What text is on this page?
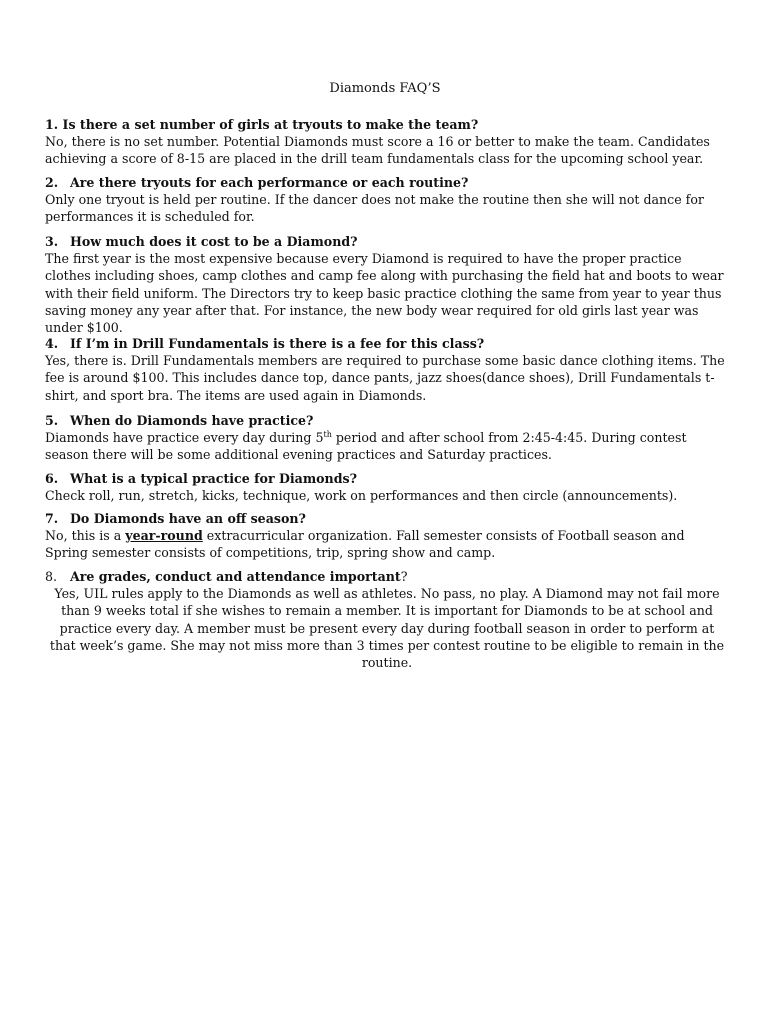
Diamonds FAQ’S
1. Is there a set number of girls at tryouts to make the team?
No, there is no set number. Potential Diamonds must score a 16 or better to make the team. Candidates achieving a score of 8-15 are placed in the drill team fundamentals class for the upcoming school year.
2. Are there tryouts for each performance or each routine?
Only one tryout is held per routine. If the dancer does not make the routine then she will not dance for performances it is scheduled for.
3. How much does it cost to be a Diamond?
The first year is the most expensive because every Diamond is required to have the proper practice clothes including shoes, camp clothes and camp fee along with purchasing the field hat and boots to wear with their field uniform. The Directors try to keep basic practice clothing the same from year to year thus saving money any year after that. For instance, the new body wear required for old girls last year was under $100.
4. If I’m in Drill Fundamentals is there is a fee for this class?
Yes, there is. Drill Fundamentals members are required to purchase some basic dance clothing items. The fee is around $100. This includes dance top, dance pants, jazz shoes(dance shoes), Drill Fundamentals t-shirt, and sport bra. The items are used again in Diamonds.
5. When do Diamonds have practice?
Diamonds have practice every day during 5th period and after school from 2:45-4:45. During contest season there will be some additional evening practices and Saturday practices.
6. What is a typical practice for Diamonds?
Check roll, run, stretch, kicks, technique, work on performances and then circle (announcements).
7. Do Diamonds have an off season?
No, this is a year-round extracurricular organization. Fall semester consists of Football season and Spring semester consists of competitions, trip, spring show and camp.
8. Are grades, conduct and attendance important?
Yes, UIL rules apply to the Diamonds as well as athletes. No pass, no play. A Diamond may not fail more than 9 weeks total if she wishes to remain a member. It is important for Diamonds to be at school and practice every day. A member must be present every day during football season in order to perform at that week’s game. She may not miss more than 3 times per contest routine to be eligible to remain in the routine.
